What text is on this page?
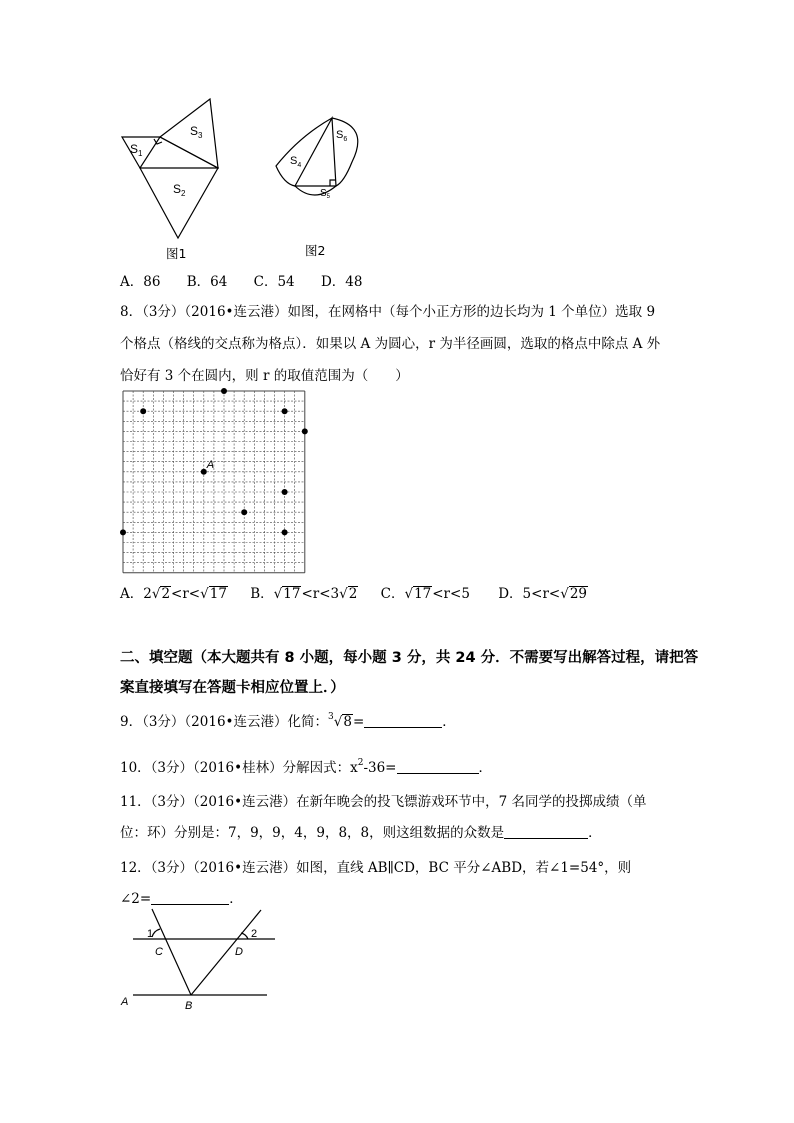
$S_1$
$S_3$
$S_2$
图1
$S_6$
$S_4$
$S_5$
图2
A．86 B．64 C．54 D．48
8．（3分）（2016•连云港）如图，在网格中（每个小正方形的边长均为 1 个单位）选取 9
个格点（格线的交点称为格点）．如果以 A 为圆心，r 为半径画圆，选取的格点中除点 A 外
恰好有 3 个在圆内，则 r 的取值范围为（　　）
A
A．2√2<r<√17 B．√17<r<3√2 C．√17<r<5 D．5<r<√29
二、填空题（本大题共有 8 小题，每小题 3 分，共 24 分．不需要写出解答过程，请把答
案直接填写在答题卡相应位置上．）
9．（3分）（2016•连云港）化简：$^3$√8=	．
10．（3分）（2016•桂林）分解因式：$x^2-36=$	．
11．（3分）（2016•连云港）在新年晚会的投飞镖游戏环节中，7 名同学的投掷成绩（单
位：环）分别是：7，9，9，4，9，8，8，则这组数据的众数是	．
12．（3分）（2016•连云港）如图，直线 AB∥CD，BC 平分∠ABD，若∠1=54°，则
∠2=	．
1	2
C	D
A	B
